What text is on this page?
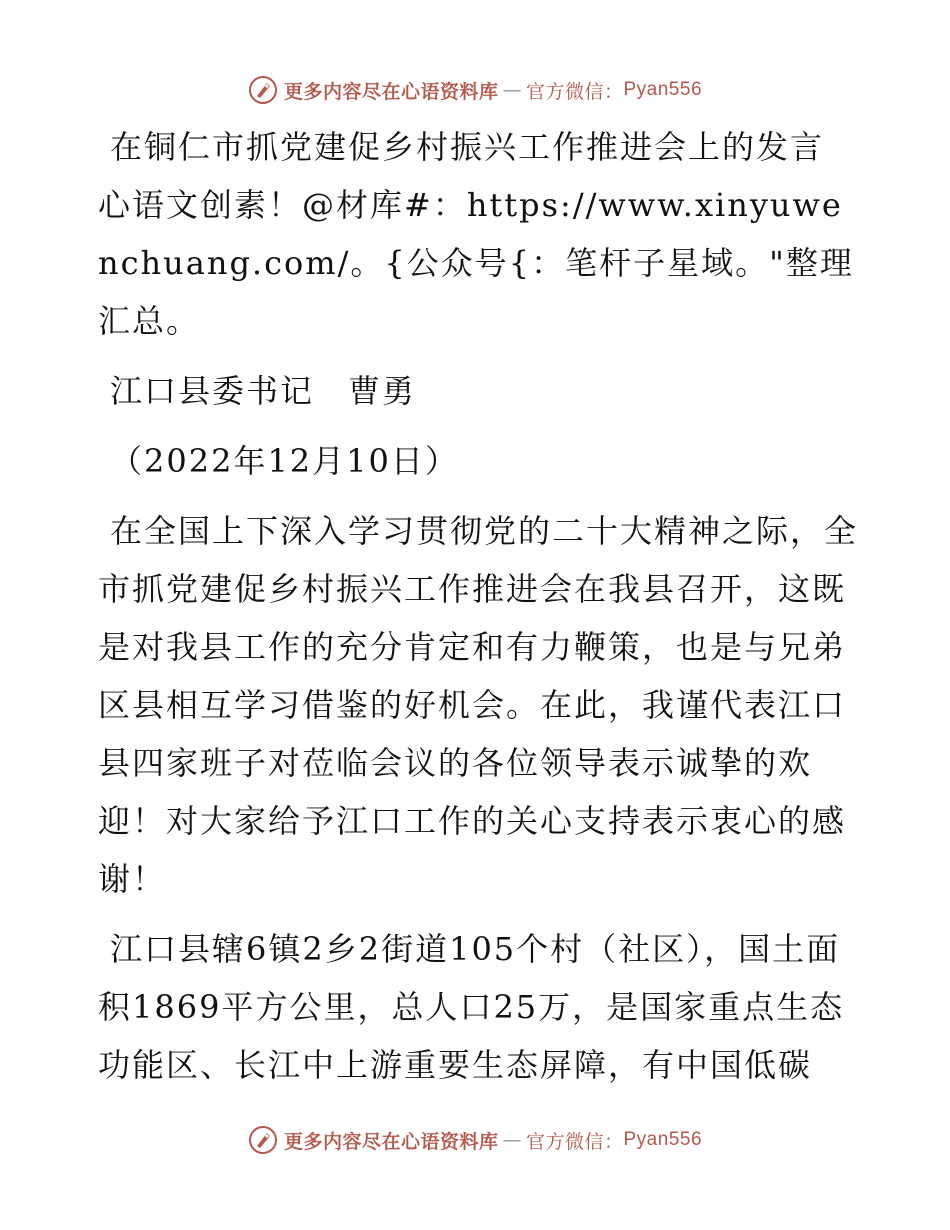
更多内容尽在心语资料库 — 官方微信： Pyan556

在铜仁市抓党建促乡村振兴工作推进会上的发言

心语文创素！@材库#：https://www.xinyuwenchuang.com/。{公众号{：笔杆子星域。"整理汇总。

江口县委书记　曹勇

（2022年12月10日）

在全国上下深入学习贯彻党的二十大精神之际，全市抓党建促乡村振兴工作推进会在我县召开，这既是对我县工作的充分肯定和有力鞭策，也是与兄弟区县相互学习借鉴的好机会。在此，我谨代表江口县四家班子对莅临会议的各位领导表示诚挚的欢迎！对大家给予江口工作的关心支持表示衷心的感谢！

江口县辖6镇2乡2街道105个村（社区），国土面积1869平方公里，总人口25万，是国家重点生态功能区、长江中上游重要生态屏障，有中国低碳

更多内容尽在心语资料库 — 官方微信： Pyan556
